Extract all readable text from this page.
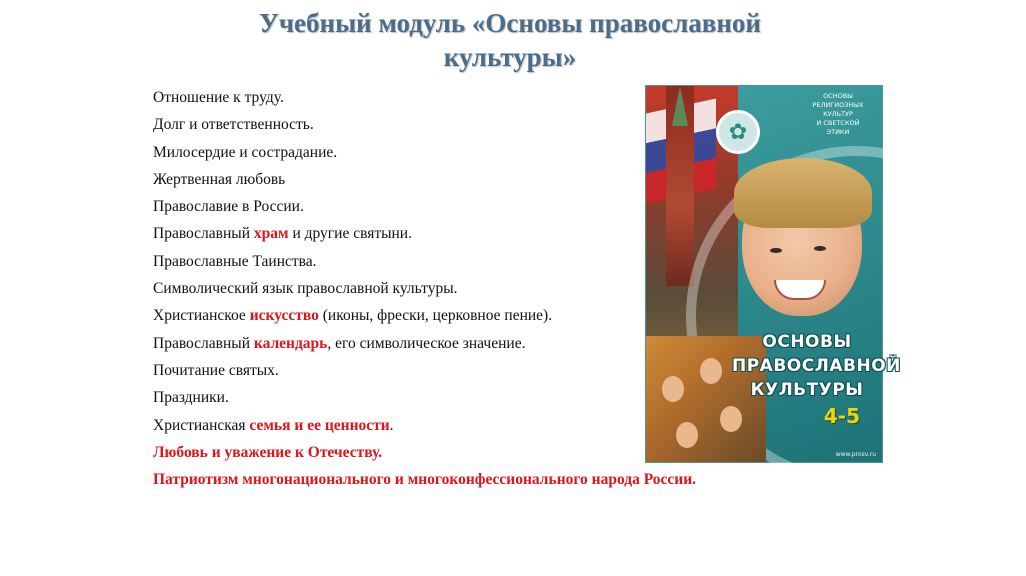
Учебный модуль «Основы православной
культуры»
Отношение к труду.
Долг и ответственность.
Милосердие и сострадание.
Жертвенная любовь
Православие в России.
Православный храм и другие святыни.
Православные Таинства.
Символический язык православной культуры.
Христианское искусство (иконы, фрески, церковное пение).
Православный календарь, его символическое значение.
Почитание святых.
Праздники.
Христианская семья и ее ценности.
Любовь и уважение к Отечеству.
Патриотизм многонационального и многоконфессионального народа России.
✿
ОСНОВЫ
РЕЛИГИОЗНЫХ
КУЛЬТУР
И СВЕТСКОЙ
ЭТИКИ
ОСНОВЫ
ПРАВОСЛАВНОЙ
КУЛЬТУРЫ
4-5
www.prosv.ru
